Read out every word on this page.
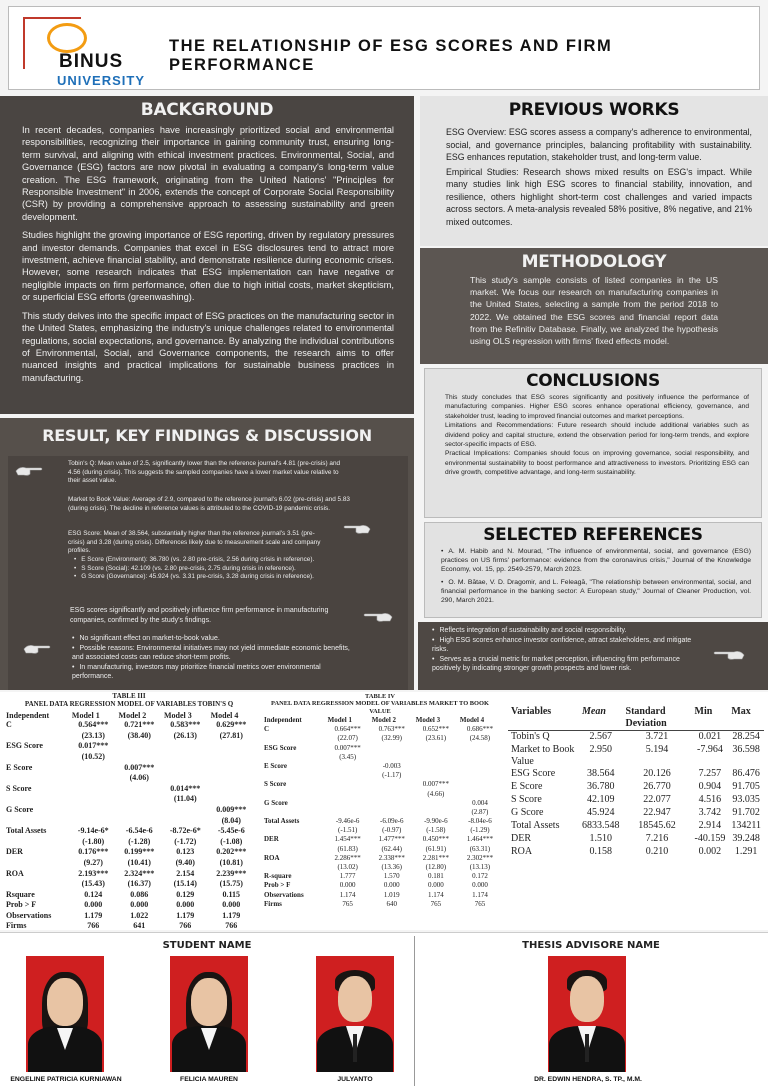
BINUS
UNIVERSITY
THE RELATIONSHIP OF ESG SCORES AND FIRM PERFORMANCE
BACKGROUND
In recent decades, companies have increasingly prioritized social and environmental responsibilities, recognizing their importance in gaining community trust, ensuring long-term survival, and aligning with ethical investment practices. Environmental, Social, and Governance (ESG) factors are now pivotal in evaluating a company's long-term value creation. The ESG framework, originating from the United Nations' "Principles for Responsible Investment" in 2006, extends the concept of Corporate Social Responsibility (CSR) by providing a comprehensive approach to assessing sustainability and green development.
Studies highlight the growing importance of ESG reporting, driven by regulatory pressures and investor demands. Companies that excel in ESG disclosures tend to attract more investment, achieve financial stability, and demonstrate resilience during economic crises. However, some research indicates that ESG implementation can have negative or negligible impacts on firm performance, often due to high initial costs, market skepticism, or superficial ESG efforts (greenwashing).
This study delves into the specific impact of ESG practices on the manufacturing sector in the United States, emphasizing the industry's unique challenges related to environmental regulations, social expectations, and governance. By analyzing the individual contributions of Environmental, Social, and Governance components, the research aims to offer nuanced insights and practical implications for sustainable business practices in manufacturing.
PREVIOUS WORKS
ESG Overview: ESG scores assess a company's adherence to environmental, social, and governance principles, balancing profitability with sustainability. ESG enhances reputation, stakeholder trust, and long-term value.
Empirical Studies: Research shows mixed results on ESG's impact. While many studies link high ESG scores to financial stability, innovation, and resilience, others highlight short-term cost challenges and varied impacts across sectors. A meta-analysis revealed 58% positive, 8% negative, and 21% mixed outcomes.
METHODOLOGY
This study's sample consists of listed companies in the US market. We focus our research on manufacturing companies in the United States, selecting a sample from the period 2018 to 2022. We obtained the ESG scores and financial report data from the Refinitiv Database. Finally, we analyzed the hypothesis using OLS regression with firms' fixed effects model.
CONCLUSIONS
This study concludes that ESG scores significantly and positively influence the performance of manufacturing companies. Higher ESG scores enhance operational efficiency, governance, and stakeholder trust, leading to improved financial outcomes and market perceptions.
Limitations and Recommendations: Future research should include additional variables such as dividend policy and capital structure, extend the observation period for long-term trends, and explore sector-specific impacts of ESG.
Practical Implications: Companies should focus on improving governance, social responsibility, and environmental sustainability to boost performance and attractiveness to investors. Prioritizing ESG can drive growth, competitive advantage, and long-term sustainability.
SELECTED REFERENCES
• A. M. Habib and N. Mourad, "The influence of environmental, social, and governance (ESG) practices on US firms' performance: evidence from the coronavirus crisis," Journal of the Knowledge Economy, vol. 15, pp. 2549-2579, March 2023.
• O. M. Bătae, V. D. Dragomir, and L. Feleagă, "The relationship between environmental, social, and financial performance in the banking sector: A European study," Journal of Cleaner Production, vol. 290, March 2021.
RESULT, KEY FINDINGS & DISCUSSION
Tobin's Q: Mean value of 2.5, significantly lower than the reference journal's 4.81 (pre-crisis) and 4.56 (during crisis). This suggests the sampled companies have a lower market value relative to their asset value.
Market to Book Value: Average of 2.9, compared to the reference journal's 6.02 (pre-crisis) and 5.83 (during crisis). The decline in reference values is attributed to the COVID-19 pandemic crisis.
ESG Score: Mean of 38.564, substantially higher than the reference journal's 3.51 (pre-crisis) and 3.28 (during crisis). Differences likely due to measurement scale and company profiles.
• E Score (Environment): 36.780 (vs. 2.80 pre-crisis, 2.56 during crisis in reference).
• S Score (Social): 42.109 (vs. 2.80 pre-crisis, 2.75 during crisis in reference).
• G Score (Governance): 45.924 (vs. 3.31 pre-crisis, 3.28 during crisis in reference).
ESG scores significantly and positively influence firm performance in manufacturing companies, confirmed by the study's findings.
• No significant effect on market-to-book value.
• Possible reasons: Environmental initiatives may not yield immediate economic benefits, and associated costs can reduce short-term profits.
• In manufacturing, investors may prioritize financial metrics over environmental performance.
• Reflects integration of sustainability and social responsibility.
• High ESG scores enhance investor confidence, attract stakeholders, and mitigate risks.
• Serves as a crucial metric for market perception, influencing firm performance positively by indicating stronger growth prospects and lower risk.
TABLE III
PANEL DATA REGRESSION MODEL OF VARIABLES TOBIN'S Q
Independent	Model 1	Model 2	Model 3	Model 4
C	0.564***	0.721***	0.583***	0.629***
	(23.13)	(38.40)	(26.13)	(27.81)
ESG Score	0.017***			
	(10.52)			
E Score		0.007***		
		(4.06)		
S Score			0.014***	
			(11.04)	
G Score				0.009***
				(8.04)
Total Assets	-9.14e-6*	-6.54e-6	-8.72e-6*	-5.45e-6
	(-1.80)	(-1.28)	(-1.72)	(-1.08)
DER	0.176***	0.199***	0.123	0.202***
	(9.27)	(10.41)	(9.40)	(10.81)
ROA	2.193***	2.324***	2.154	2.239***
	(15.43)	(16.37)	(15.14)	(15.75)
Rsquare	0.124	0.086	0.129	0.115
Prob > F	0.000	0.000	0.000	0.000
Observations	1.179	1.022	1.179	1.179
Firms	766	641	766	766
TABLE IV
PANEL DATA REGRESSION MODEL OF VARIABLES MARKET TO BOOK VALUE
Independent	Model 1	Model 2	Model 3	Model 4
C	0.664***	0.763***	0.652***	0.686***
	(22.07)	(32.99)	(23.61)	(24.58)
ESG Score	0.007***			
	(3.45)			
E Score		-0.003		
		(-1.17)		
S Score			0.007***	
			(4.66)	
G Score				0.004
				(2.87)
Total Assets	-9.46e-6	-6.09e-6	-9.90e-6	-8.04e-6
	(-1.51)	(-0.97)	(-1.58)	(-1.29)
DER	1.454***	1.477***	0.450***	1.464***
	(61.83)	(62.44)	(61.91)	(63.31)
ROA	2.286***	2.338***	2.281***	2.302***
	(13.02)	(13.36)	(12.80)	(13.13)
R-square	1.777	1.570	0.181	0.172
Prob > F	0.000	0.000	0.000	0.000
Observations	1.174	1.019	1.174	1.174
Firms	765	640	765	765
Variables	Mean	Standard Deviation	Min	Max
Tobin's Q	2.567	3.721	0.021	28.254
Market to Book Value	2.950	5.194	-7.964	36.598
ESG Score	38.564	20.126	7.257	86.476
E Score	36.780	26.770	0.904	91.705
S Score	42.109	22.077	4.516	93.035
G Score	45.924	22.947	3.742	91.702
Total Assets	6833.548	18545.62	2.914	134211
DER	1.510	7.216	-40.159	39.248
ROA	0.158	0.210	0.002	1.291
STUDENT NAME	THESIS ADVISORE NAME
ENGELINE PATRICIA KURNIAWAN	FELICIA MAUREN	JULYANTO	DR. EDWIN HENDRA, S. TP., M.M.
